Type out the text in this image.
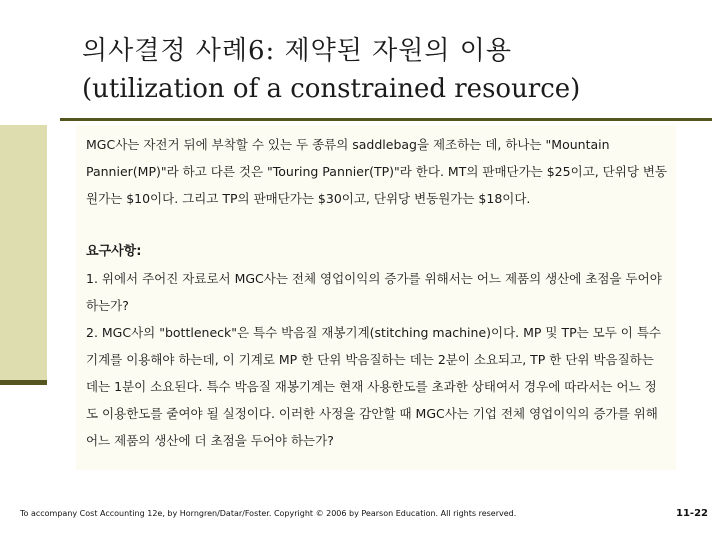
의사결정 사례6: 제약된 자원의 이용
(utilization of a constrained resource)
MGC사는 자전거 뒤에 부착할 수 있는 두 종류의 saddlebag을 제조하는 데, 하나는 "Mountain Pannier(MP)"라 하고 다른 것은 "Touring Pannier(TP)"라 한다. MT의 판매단가는 $25이고, 단위당 변동원가는 $10이다. 그리고 TP의 판매단가는 $30이고, 단위당 변동원가는 $18이다.
요구사항:

1. 위에서 주어진 자료로서 MGC사는 전체 영업이익의 증가를 위해서는 어느 제품의 생산에 초점을 두어야 하는가?

2. MGC사의 "bottleneck"은 특수 박음질 재봉기계(stitching machine)이다. MP 및 TP는 모두 이 특수 기계를 이용해야 하는데, 이 기계로 MP 한 단위 박음질하는 데는 2분이 소요되고, TP 한 단위 박음질하는 데는 1분이 소요된다. 특수 박음질 재봉기계는 현재 사용한도를 초과한 상태여서 경우에 따라서는 어느 정도 이용한도를 줄여야 될 실정이다. 이러한 사정을 감안할 때 MGC사는 기업 전체 영업이익의 증가를 위해 어느 제품의 생산에 더 초점을 두어야 하는가?

To accompany Cost Accounting 12e, by Horngren/Datar/Foster. Copyright © 2006 by Pearson Education. All rights reserved.	11-22
